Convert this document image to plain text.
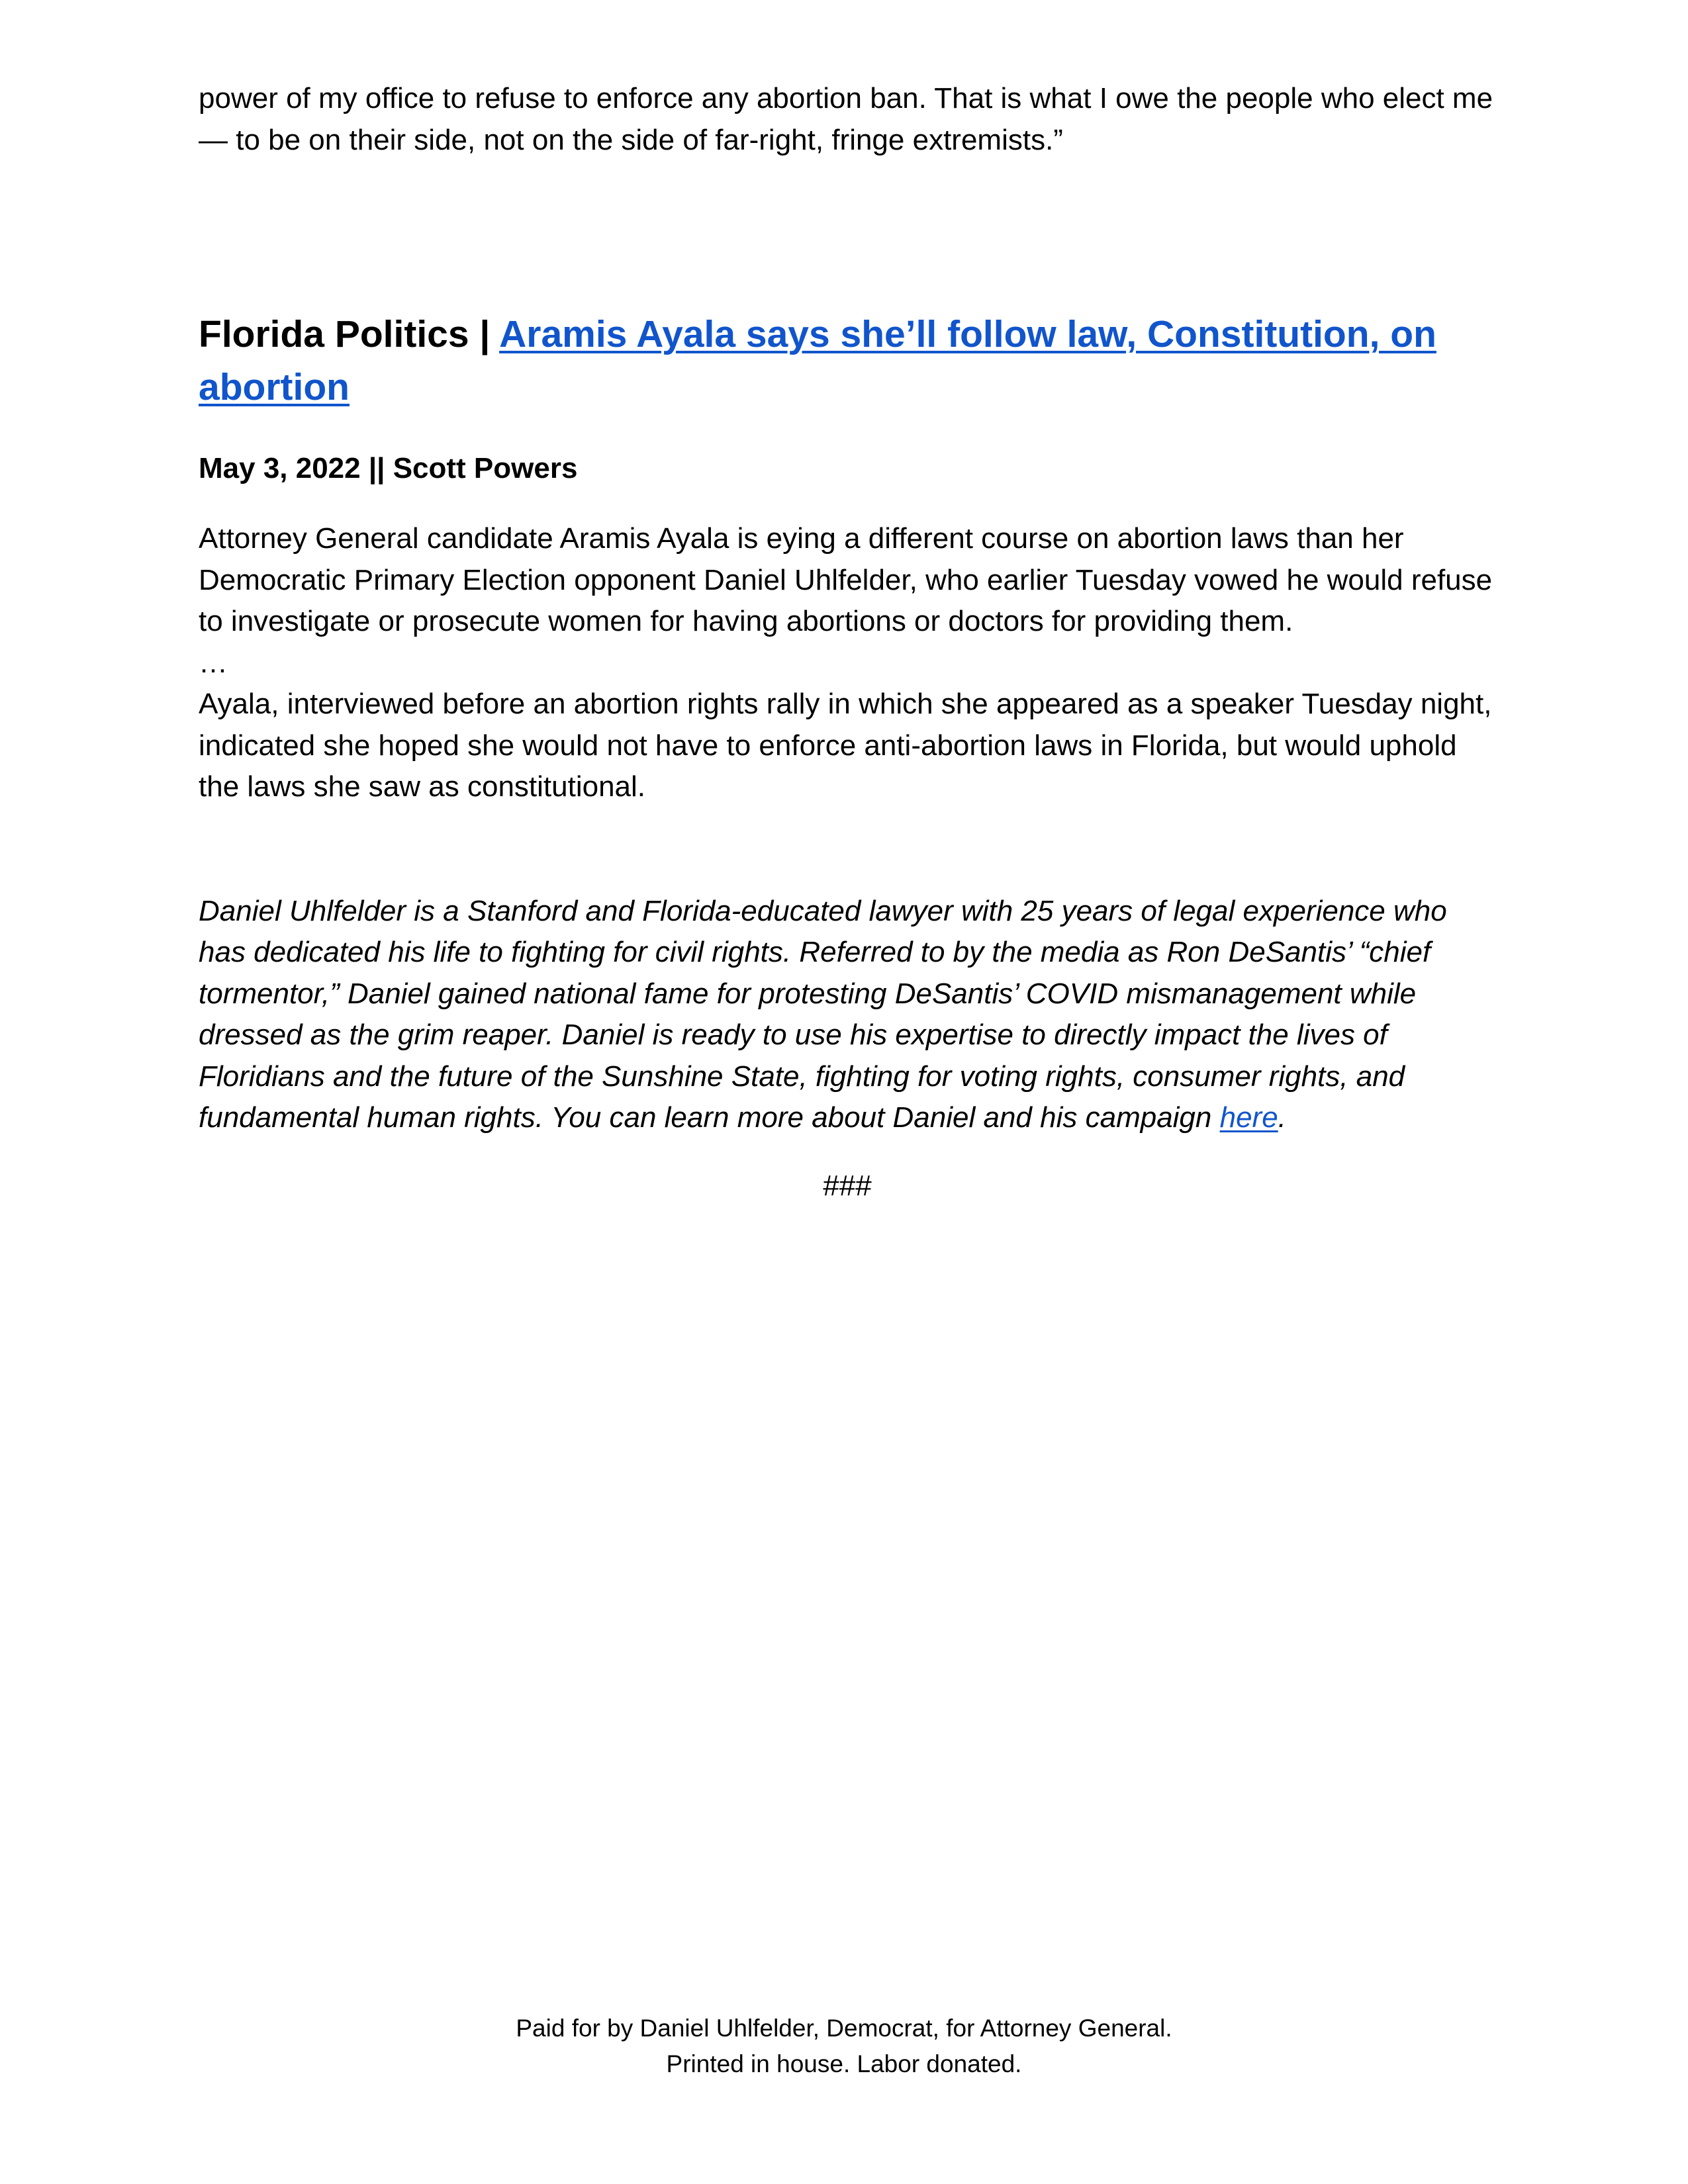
power of my office to refuse to enforce any abortion ban. That is what I owe the people who elect me — to be on their side, not on the side of far-right, fringe extremists.”

Florida Politics | Aramis Ayala says she’ll follow law, Constitution, on abortion

May 3, 2022 || Scott Powers

Attorney General candidate Aramis Ayala is eying a different course on abortion laws than her Democratic Primary Election opponent Daniel Uhlfelder, who earlier Tuesday vowed he would refuse to investigate or prosecute women for having abortions or doctors for providing them.
…
Ayala, interviewed before an abortion rights rally in which she appeared as a speaker Tuesday night, indicated she hoped she would not have to enforce anti-abortion laws in Florida, but would uphold the laws she saw as constitutional.

Daniel Uhlfelder is a Stanford and Florida-educated lawyer with 25 years of legal experience who has dedicated his life to fighting for civil rights. Referred to by the media as Ron DeSantis’ “chief tormentor,” Daniel gained national fame for protesting DeSantis’ COVID mismanagement while dressed as the grim reaper. Daniel is ready to use his expertise to directly impact the lives of Floridians and the future of the Sunshine State, fighting for voting rights, consumer rights, and fundamental human rights. You can learn more about Daniel and his campaign here.

###

Paid for by Daniel Uhlfelder, Democrat, for Attorney General.
Printed in house. Labor donated.
